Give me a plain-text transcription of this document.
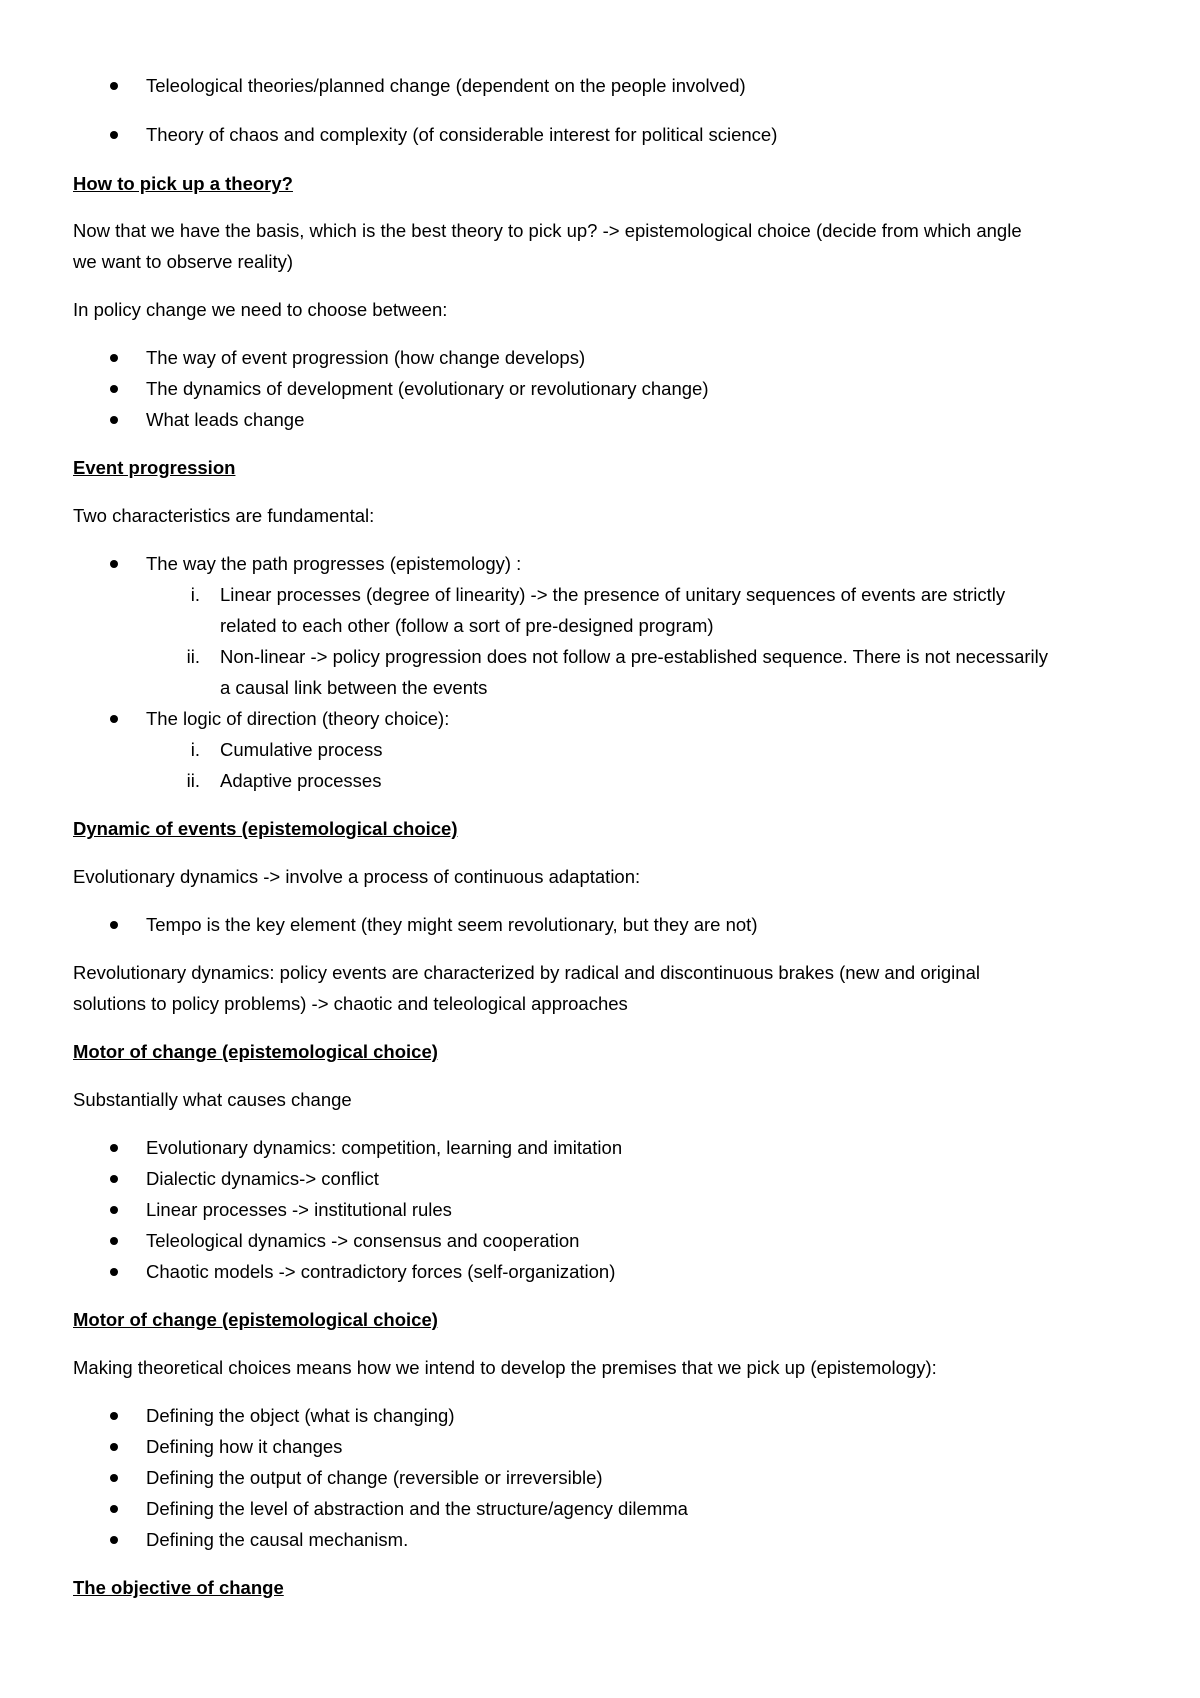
Teleological theories/planned change (dependent on the people involved)
Theory of chaos and complexity (of considerable interest for political science)
How to pick up a theory?
Now that we have the basis, which is the best theory to pick up? -> epistemological choice (decide from which angle
we want to observe reality)
In policy change we need to choose between:
The way of event progression (how change develops)
The dynamics of development (evolutionary or revolutionary change)
What leads change
Event progression
Two characteristics are fundamental:
The way the path progresses (epistemology) :
i. Linear processes (degree of linearity) -> the presence of unitary sequences of events are strictly
related to each other (follow a sort of pre-designed program)
ii. Non-linear -> policy progression does not follow a pre-established sequence. There is not necessarily
a causal link between the events
The logic of direction (theory choice):
i. Cumulative process
ii. Adaptive processes
Dynamic of events (epistemological choice)
Evolutionary dynamics -> involve a process of continuous adaptation:
Tempo is the key element (they might seem revolutionary, but they are not)
Revolutionary dynamics: policy events are characterized by radical and discontinuous brakes (new and original
solutions to policy problems) -> chaotic and teleological approaches
Motor of change (epistemological choice)
Substantially what causes change
Evolutionary dynamics: competition, learning and imitation
Dialectic dynamics-> conflict
Linear processes -> institutional rules
Teleological dynamics -> consensus and cooperation
Chaotic models -> contradictory forces (self-organization)
Motor of change (epistemological choice)
Making theoretical choices means how we intend to develop the premises that we pick up (epistemology):
Defining the object (what is changing)
Defining how it changes
Defining the output of change (reversible or irreversible)
Defining the level of abstraction and the structure/agency dilemma
Defining the causal mechanism.
The objective of change
